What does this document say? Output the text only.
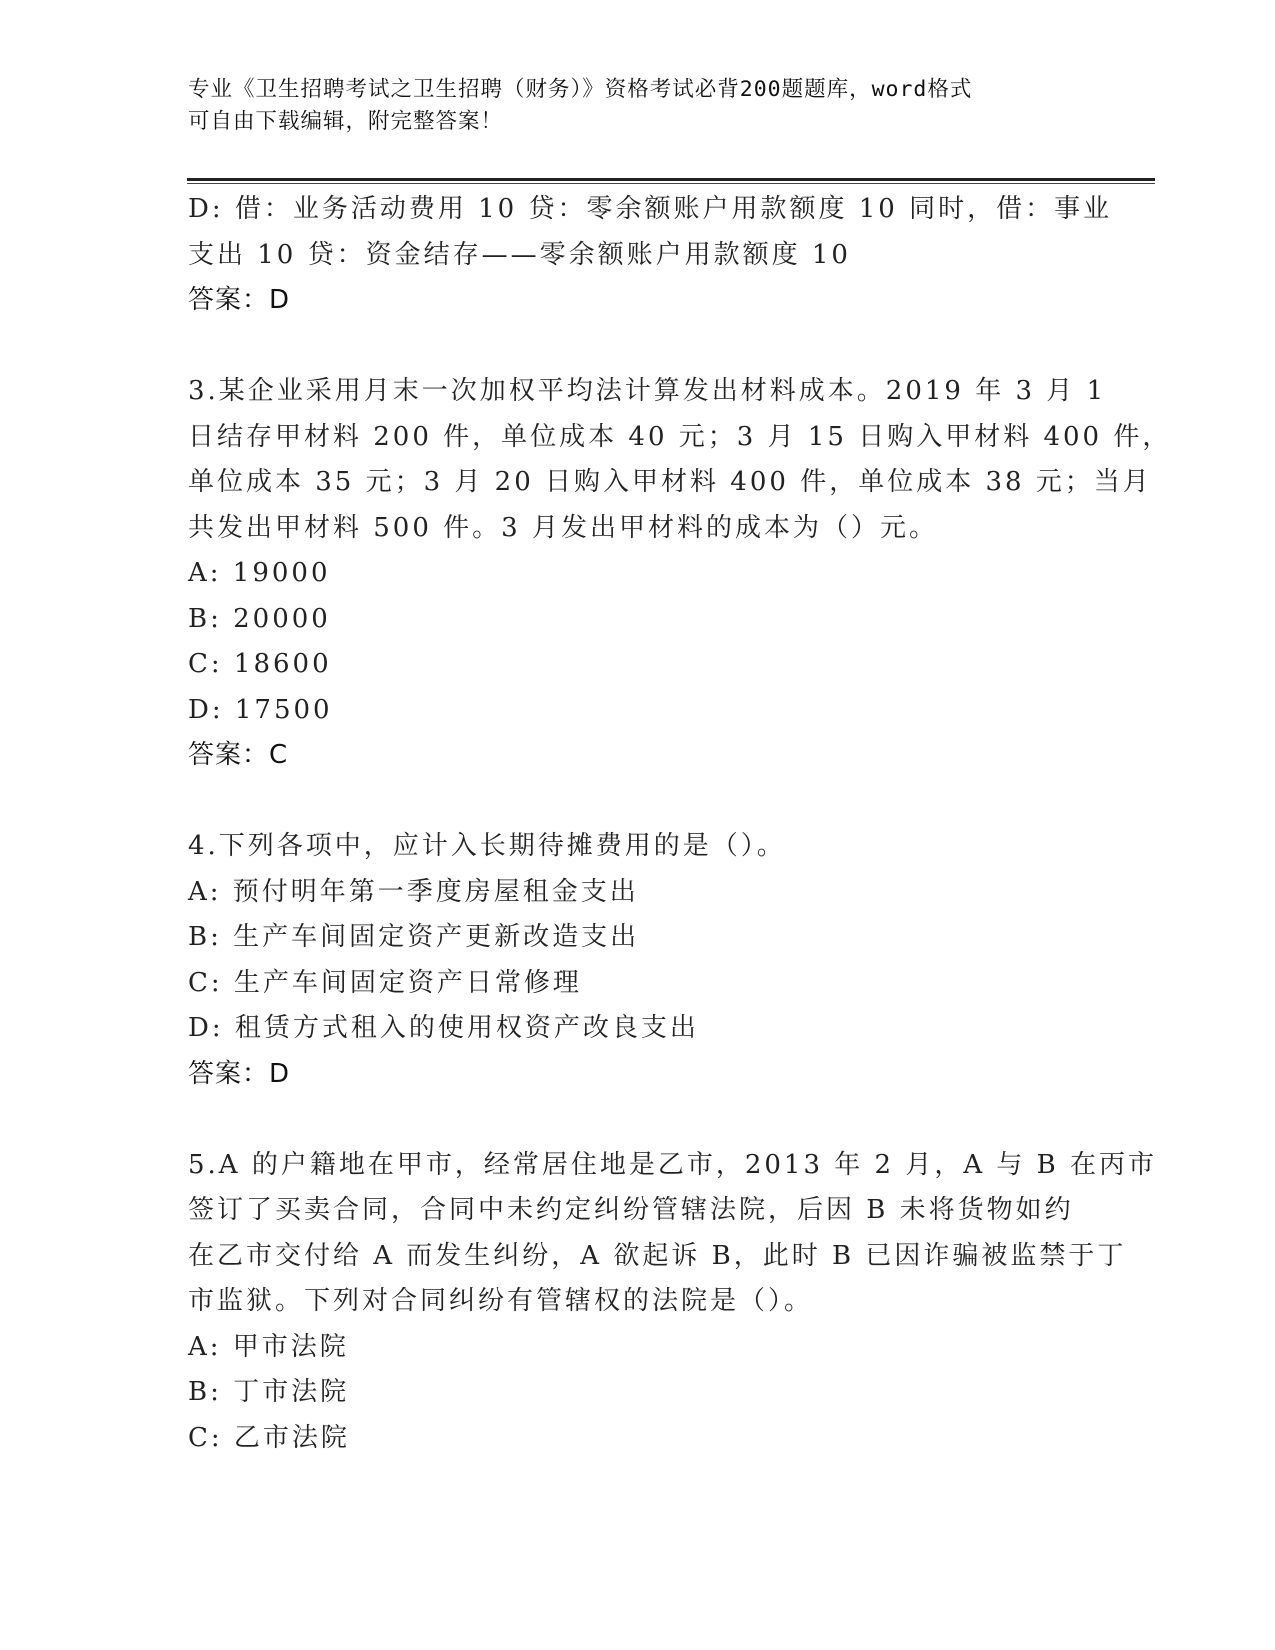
专业《卫生招聘考试之卫生招聘（财务）》资格考试必背200题题库，word格式
可自由下载编辑，附完整答案！
D: 借：业务活动费用 10 贷：零余额账户用款额度 10 同时，借：事业
支出 10 贷：资金结存——零余额账户用款额度 10
答案：D
3.某企业采用月末一次加权平均法计算发出材料成本。2019 年 3 月 1
日结存甲材料 200 件，单位成本 40 元；3 月 15 日购入甲材料 400 件，
单位成本 35 元；3 月 20 日购入甲材料 400 件，单位成本 38 元；当月
共发出甲材料 500 件。3 月发出甲材料的成本为（）元。
A: 19000
B: 20000
C: 18600
D: 17500
答案：C
4.下列各项中，应计入长期待摊费用的是（）。
A: 预付明年第一季度房屋租金支出
B: 生产车间固定资产更新改造支出
C: 生产车间固定资产日常修理
D: 租赁方式租入的使用权资产改良支出
答案：D
5.A 的户籍地在甲市，经常居住地是乙市，2013 年 2 月，A 与 B 在丙市
签订了买卖合同，合同中未约定纠纷管辖法院，后因 B 未将货物如约
在乙市交付给 A 而发生纠纷，A 欲起诉 B，此时 B 已因诈骗被监禁于丁
市监狱。下列对合同纠纷有管辖权的法院是（）。
A: 甲市法院
B: 丁市法院
C: 乙市法院
